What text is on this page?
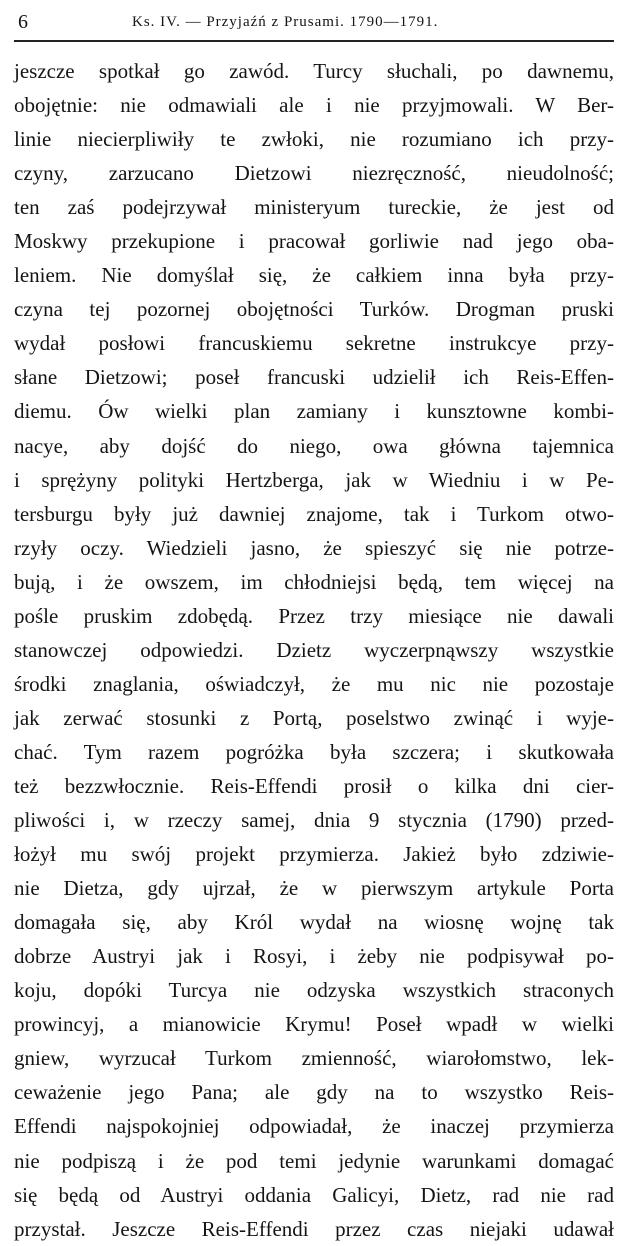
6	Ks. IV. — Przyjaźń z Prusami. 1790—1791.
jeszcze spotkał go zawód. Turcy słuchali, po dawnemu,
obojętnie: nie odmawiali ale i nie przyjmowali. W Ber-
linie niecierpliwiły te zwłoki, nie rozumiano ich przy-
czyny, zarzucano Dietzowi niezręczność, nieudolność;
ten zaś podejrzywał ministeryum tureckie, że jest od
Moskwy przekupione i pracował gorliwie nad jego oba-
leniem. Nie domyślał się, że całkiem inna była przy-
czyna tej pozornej obojętności Turków. Drogman pruski
wydał posłowi francuskiemu sekretne instrukcye przy-
słane Dietzowi; poseł francuski udzielił ich Reis-Effen-
diemu. Ów wielki plan zamiany i kunsztowne kombi-
nacye, aby dojść do niego, owa główna tajemnica
i sprężyny polityki Hertzberga, jak w Wiedniu i w Pe-
tersburgu były już dawniej znajome, tak i Turkom otwo-
rzyły oczy. Wiedzieli jasno, że spieszyć się nie potrze-
bują, i że owszem, im chłodniejsi będą, tem więcej na
pośle pruskim zdobędą. Przez trzy miesiące nie dawali
stanowczej odpowiedzi. Dzietz wyczerpnąwszy wszystkie
środki znaglania, oświadczył, że mu nic nie pozostaje
jak zerwać stosunki z Portą, poselstwo zwinąć i wyje-
chać. Tym razem pogróżka była szczera; i skutkowała
też bezzwłocznie. Reis-Effendi prosił o kilka dni cier-
pliwości i, w rzeczy samej, dnia 9 stycznia (1790) przed-
łożył mu swój projekt przymierza. Jakież było zdziwie-
nie Dietza, gdy ujrzał, że w pierwszym artykule Porta
domagała się, aby Król wydał na wiosnę wojnę tak
dobrze Austryi jak i Rosyi, i żeby nie podpisywał po-
koju, dopóki Turcya nie odzyska wszystkich straconych
prowincyj, a mianowicie Krymu! Poseł wpadł w wielki
gniew, wyrzucał Turkom zmienność, wiarołomstwo, lek-
ceważenie jego Pana; ale gdy na to wszystko Reis-
Effendi najspokojniej odpowiadał, że inaczej przymierza
nie podpiszą i że pod temi jedynie warunkami domagać
się będą od Austryi oddania Galicyi, Dietz, rad nie rad
przystał. Jeszcze Reis-Effendi przez czas niejaki udawał
